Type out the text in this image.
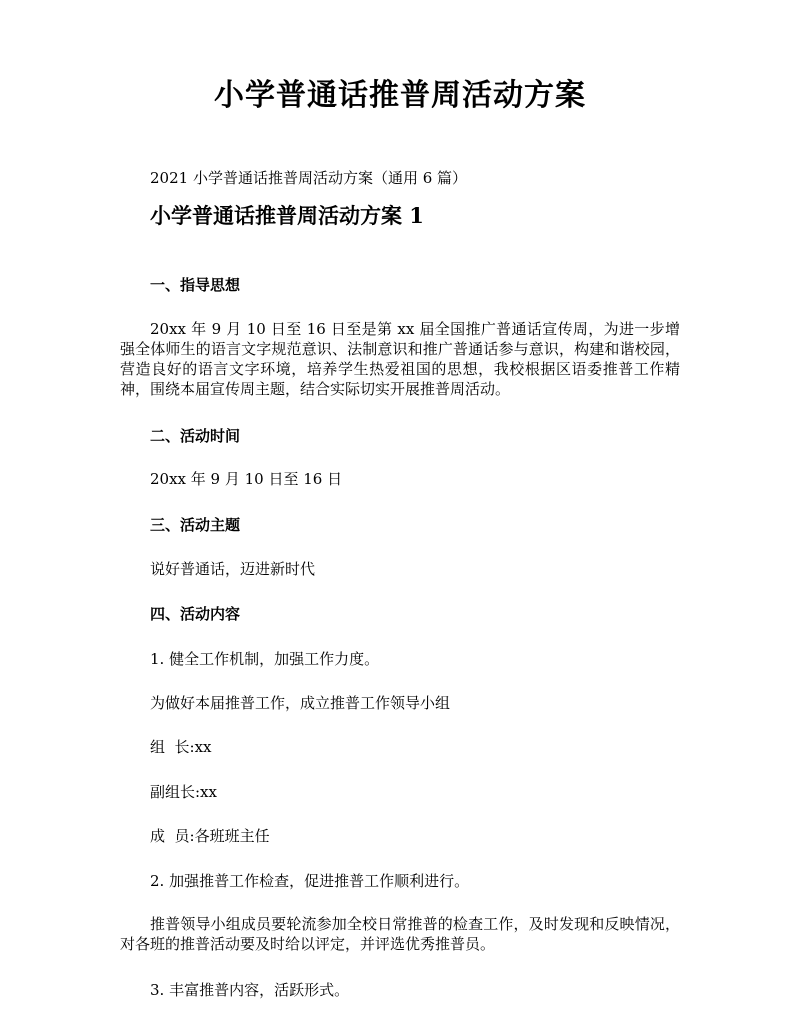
小学普通话推普周活动方案

2021 小学普通话推普周活动方案（通用 6 篇）

小学普通话推普周活动方案 1
一、指导思想

20xx 年 9 月 10 日至 16 日至是第 xx 届全国推广普通话宣传周，为进一步增强全体师生的语言文字规范意识、法制意识和推广普通话参与意识，构建和谐校园，营造良好的语言文字环境，培养学生热爱祖国的思想，我校根据区语委推普工作精神，围绕本届宣传周主题，结合实际切实开展推普周活动。

二、活动时间

20xx 年 9 月 10 日至 16 日

三、活动主题

说好普通话，迈进新时代

四、活动内容

1. 健全工作机制，加强工作力度。

为做好本届推普工作，成立推普工作领导小组

组  长:xx

副组长:xx

成  员:各班班主任

2. 加强推普工作检查，促进推普工作顺利进行。

推普领导小组成员要轮流参加全校日常推普的检查工作，及时发现和反映情况，对各班的推普活动要及时给以评定，并评选优秀推普员。

3. 丰富推普内容，活跃形式。
